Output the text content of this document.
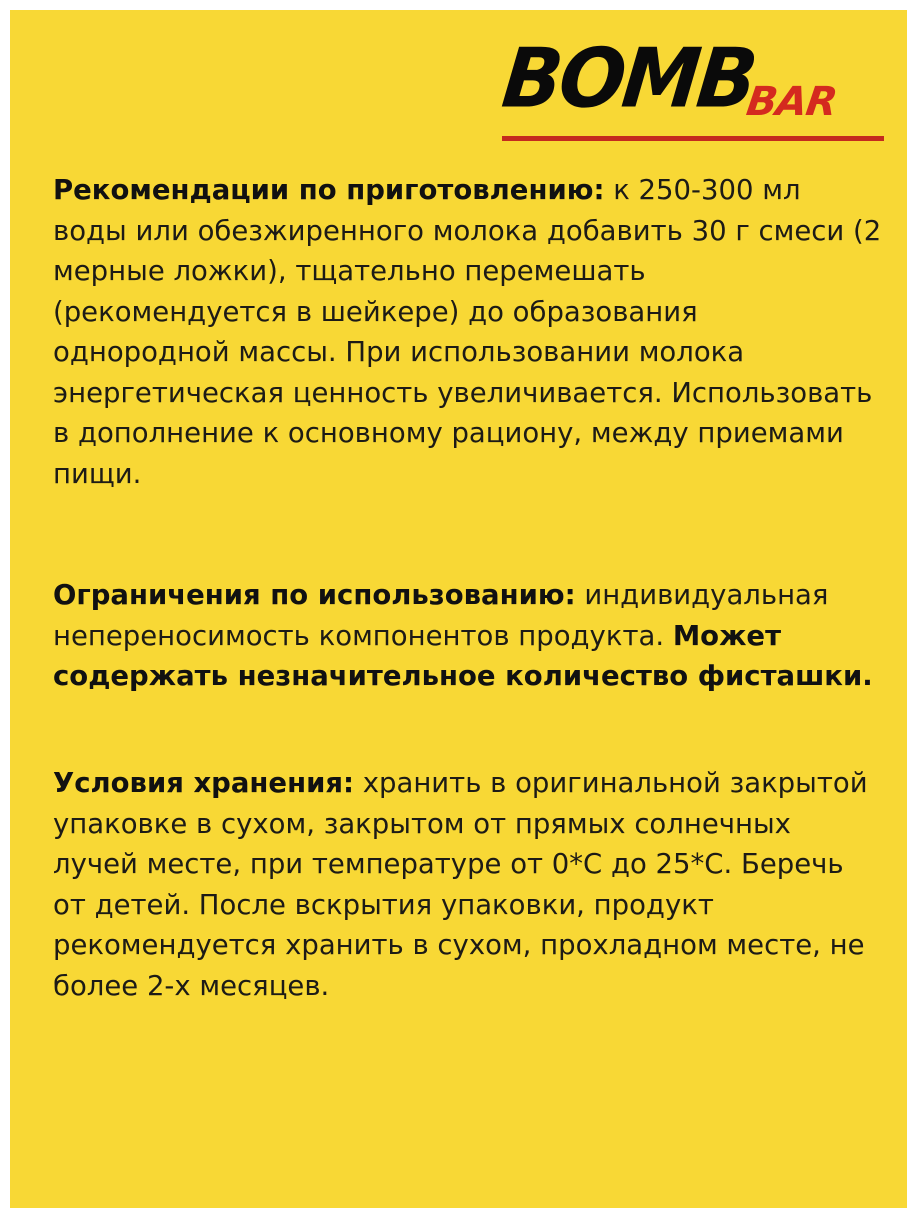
BOMB
BAR

Рекомендации по приготовлению: к 250-300 мл воды или обезжиренного молока добавить 30 г смеси (2 мерные ложки), тщательно перемешать (рекомендуется в шейкере) до образования однородной массы. При использовании молока энергетическая ценность увеличивается. Использовать в дополнение к основному рациону, между приемами пищи.

Ограничения по использованию: индивидуальная непереносимость компонентов продукта. Может содержать незначительное количество фисташки.

Условия хранения: хранить в оригинальной закрытой упаковке в сухом, закрытом от прямых солнечных лучей месте, при температуре от 0*С до 25*С. Беречь от детей. После вскрытия упаковки, продукт рекомендуется хранить в сухом, прохладном месте, не более 2-х месяцев.
